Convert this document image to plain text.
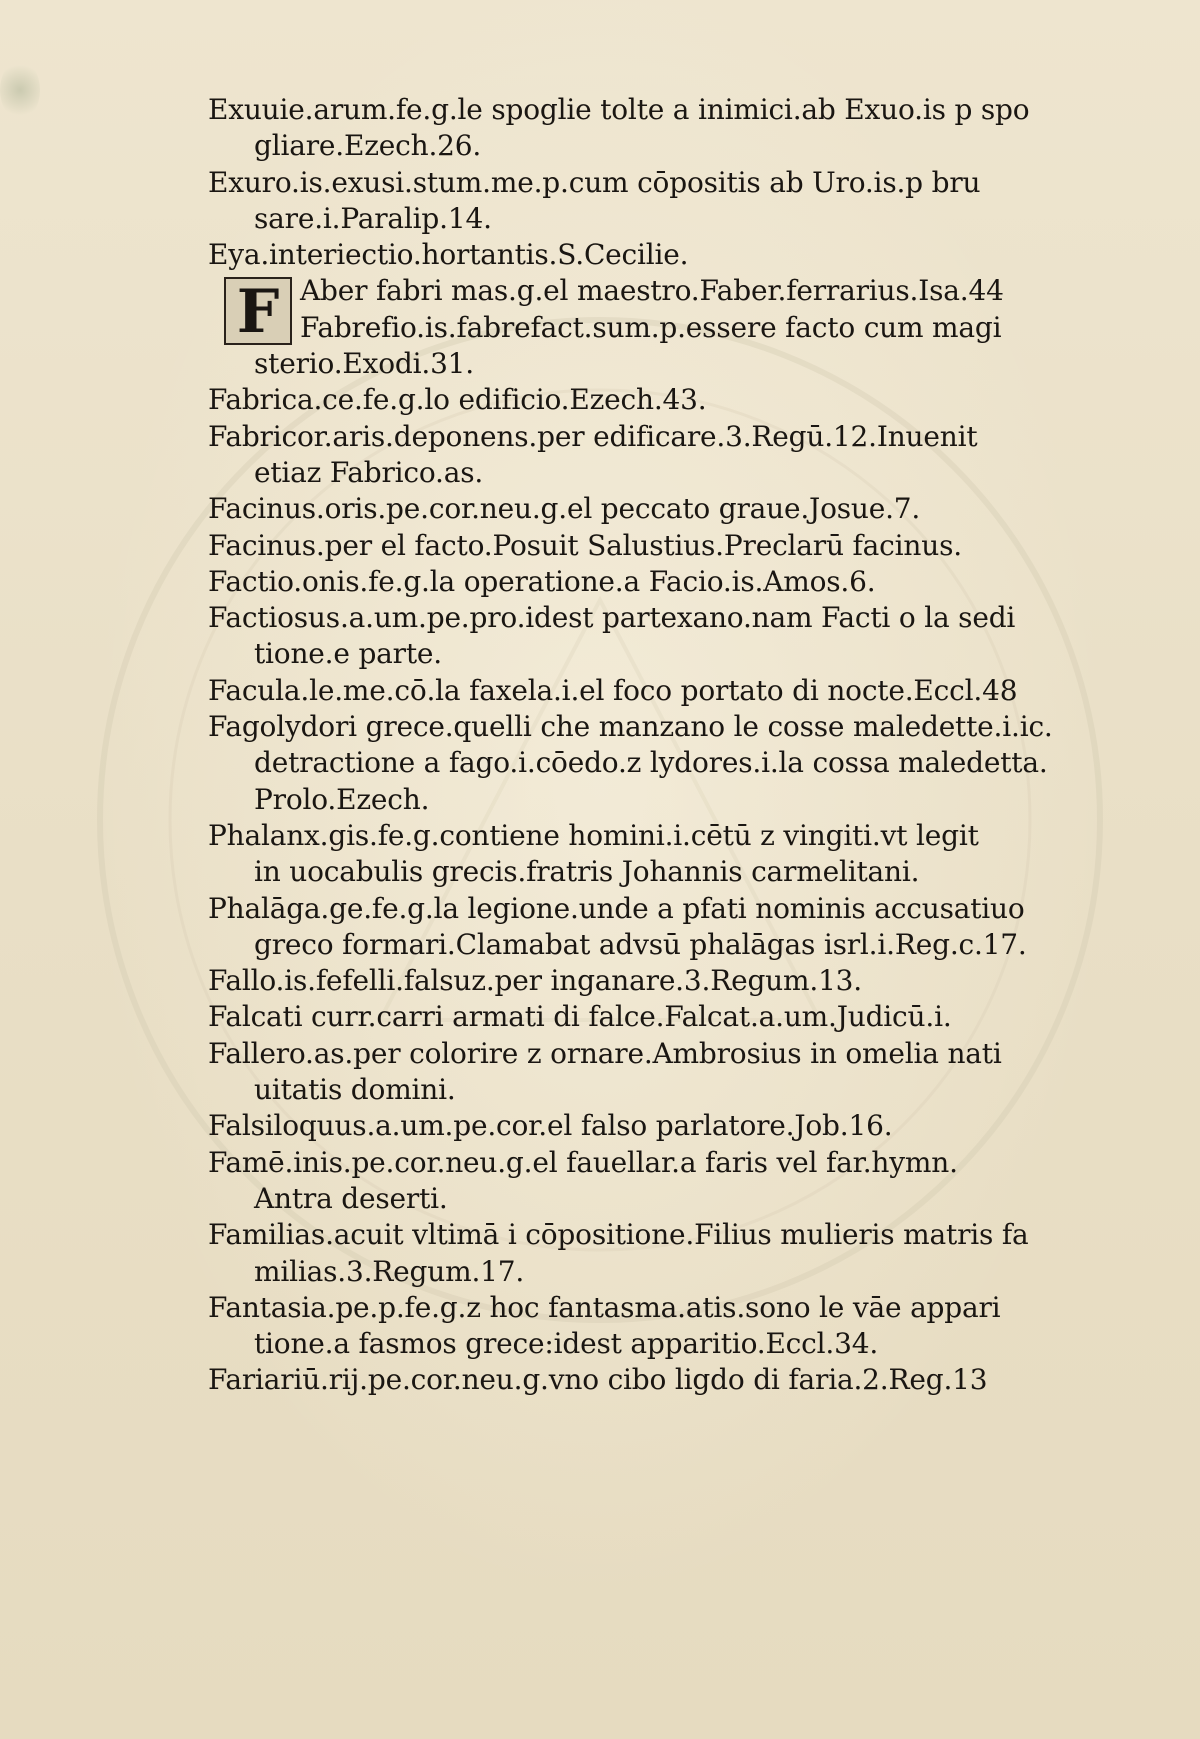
Exuuie.arum.fe.g.le spoglie tolte a inimici.ab Exuo.is p spo
gliare.Ezech.26.
Exuro.is.exusi.stum.me.p.cum cōpositis ab Uro.is.p bru
sare.i.Paralip.14.
Eya.interiectio.hortantis.S.Cecilie.
F Aber fabri mas.g.el maestro.Faber.ferrarius.Isa.44
Fabrefio.is.fabrefact.sum.p.essere facto cum magi
sterio.Exodi.31.
Fabrica.ce.fe.g.lo edificio.Ezech.43.
Fabricor.aris.deponens.per edificare.3.Regū.12.Inuenit
etiaz Fabrico.as.
Facinus.oris.pe.cor.neu.g.el peccato graue.Josue.7.
Facinus.per el facto.Posuit Salustius.Preclarū facinus.
Factio.onis.fe.g.la operatione.a Facio.is.Amos.6.
Factiosus.a.um.pe.pro.idest partexano.nam Facti o la sedi
tione.e parte.
Facula.le.me.cō.la faxela.i.el foco portato di nocte.Eccl.48
Fagolydori grece.quelli che manzano le cosse maledette.i.ic.
detractione a fago.i.cōedo.z lydores.i.la cossa maledetta.
Prolo.Ezech.
Phalanx.gis.fe.g.contiene homini.i.cētū z vingiti.vt legit
in uocabulis grecis.fratris Johannis carmelitani.
Phalāga.ge.fe.g.la legione.unde a pfati nominis accusatiuo
greco formari.Clamabat advsū phalāgas isrl.i.Reg.c.17.
Fallo.is.fefelli.falsuz.per inganare.3.Regum.13.
Falcati curr.carri armati di falce.Falcat.a.um.Judicū.i.
Fallero.as.per colorire z ornare.Ambrosius in omelia nati
uitatis domini.
Falsiloquus.a.um.pe.cor.el falso parlatore.Job.16.
Famē.inis.pe.cor.neu.g.el fauellar.a faris vel far.hymn.
Antra deserti.
Familias.acuit vltimā i cōpositione.Filius mulieris matris fa
milias.3.Regum.17.
Fantasia.pe.p.fe.g.z hoc fantasma.atis.sono le vāe appari
tione.a fasmos grece:idest apparitio.Eccl.34.
Fariariū.rij.pe.cor.neu.g.vno cibo ligdo di faria.2.Reg.13
